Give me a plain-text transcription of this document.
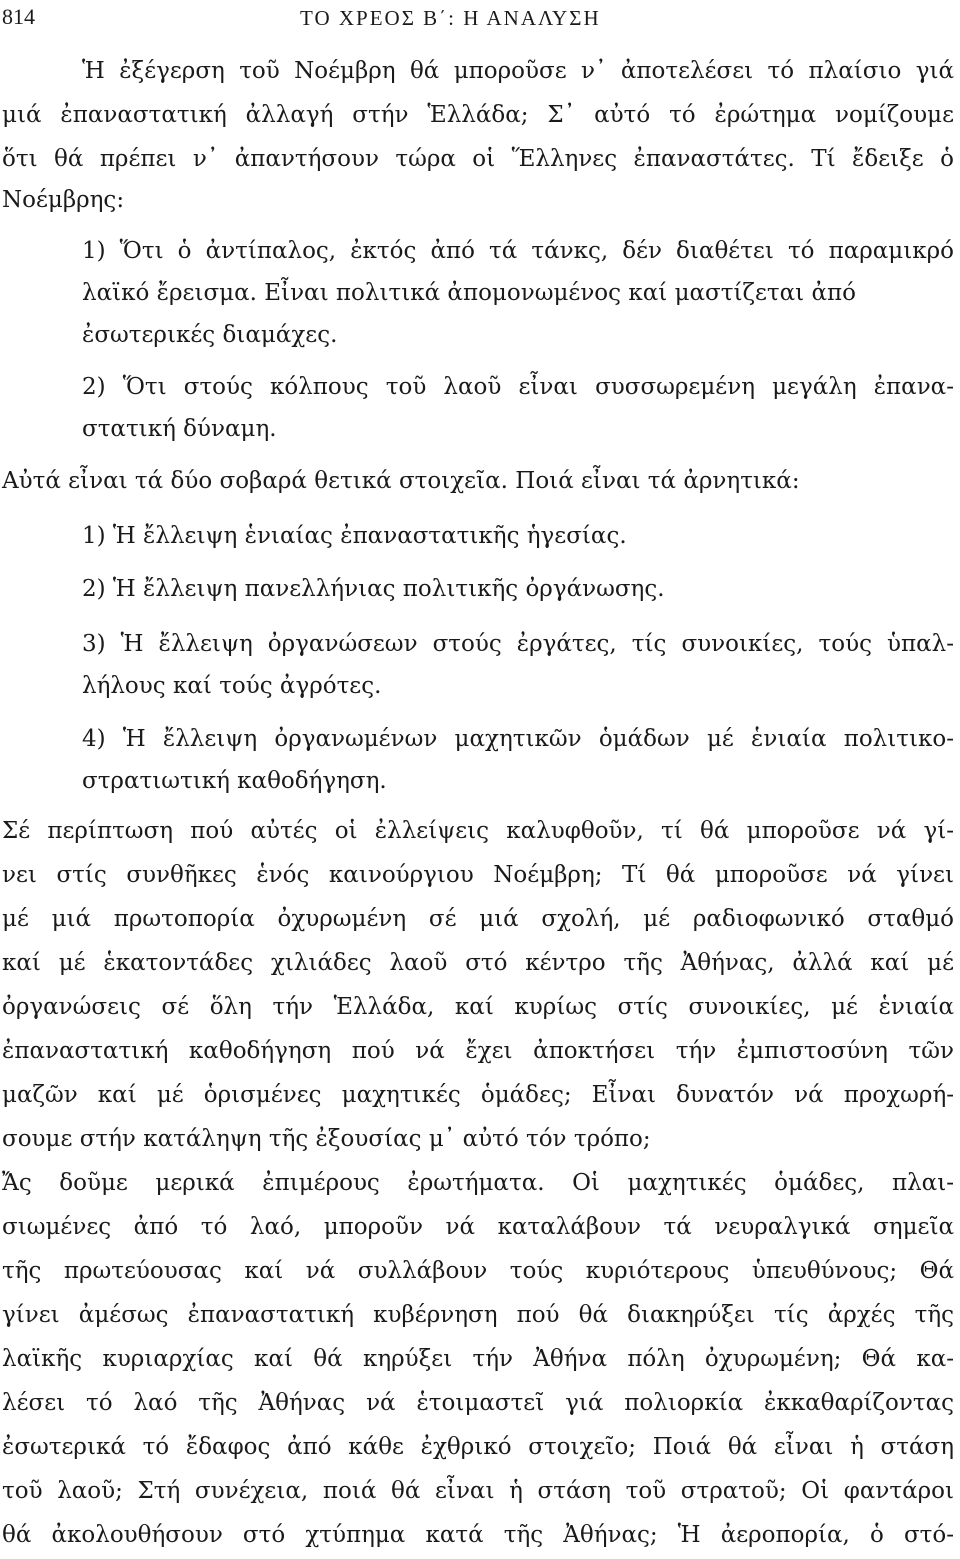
814	ΤΟ ΧΡΕΟΣ Β΄: Η ΑΝΑΛΥΣΗ
Ἡ ἐξέγερση τοῦ Νοέμβρη θά μποροῦσε ν᾽ ἀποτελέσει τό πλαίσιο γιά
μιά ἐπαναστατική ἀλλαγή στήν Ἑλλάδα; Σ᾽ αὐτό τό ἐρώτημα νομίζουμε
ὅτι θά πρέπει ν᾽ ἀπαντήσουν τώρα οἱ Ἕλληνες ἐπαναστάτες. Τί ἔδειξε ὁ
Νοέμβρης:
1) Ὅτι ὁ ἀντίπαλος, ἐκτός ἀπό τά τάνκς, δέν διαθέτει τό παραμικρό
λαϊκό ἔρεισμα. Εἶναι πολιτικά ἀπομονωμένος καί μαστίζεται ἀπό
ἐσωτερικές διαμάχες.
2) Ὅτι στούς κόλπους τοῦ λαοῦ εἶναι συσσωρεμένη μεγάλη ἐπανα-
στατική δύναμη.
Αὐτά εἶναι τά δύο σοβαρά θετικά στοιχεῖα. Ποιά εἶναι τά ἀρνητικά:
1) Ἡ ἔλλειψη ἑνιαίας ἐπαναστατικῆς ἡγεσίας.
2) Ἡ ἔλλειψη πανελλήνιας πολιτικῆς ὀργάνωσης.
3) Ἡ ἔλλειψη ὀργανώσεων στούς ἐργάτες, τίς συνοικίες, τούς ὑπαλ-
λήλους καί τούς ἀγρότες.
4) Ἡ ἔλλειψη ὀργανωμένων μαχητικῶν ὁμάδων μέ ἑνιαία πολιτικο-
στρατιωτική καθοδήγηση.
Σέ περίπτωση πού αὐτές οἱ ἐλλείψεις καλυφθοῦν, τί θά μποροῦσε νά γί-
νει στίς συνθῆκες ἑνός καινούργιου Νοέμβρη; Τί θά μποροῦσε νά γίνει
μέ μιά πρωτοπορία ὀχυρωμένη σέ μιά σχολή, μέ ραδιοφωνικό σταθμό
καί μέ ἑκατοντάδες χιλιάδες λαοῦ στό κέντρο τῆς Ἀθήνας, ἀλλά καί μέ
ὀργανώσεις σέ ὅλη τήν Ἑλλάδα, καί κυρίως στίς συνοικίες, μέ ἑνιαία
ἐπαναστατική καθοδήγηση πού νά ἔχει ἀποκτήσει τήν ἐμπιστοσύνη τῶν
μαζῶν καί μέ ὁρισμένες μαχητικές ὁμάδες; Εἶναι δυνατόν νά προχωρή-
σουμε στήν κατάληψη τῆς ἐξουσίας μ᾽ αὐτό τόν τρόπο;
Ἄς δοῦμε μερικά ἐπιμέρους ἐρωτήματα. Οἱ μαχητικές ὁμάδες, πλαι-
σιωμένες ἀπό τό λαό, μποροῦν νά καταλάβουν τά νευραλγικά σημεῖα
τῆς πρωτεύουσας καί νά συλλάβουν τούς κυριότερους ὑπευθύνους; Θά
γίνει ἀμέσως ἐπαναστατική κυβέρνηση πού θά διακηρύξει τίς ἀρχές τῆς
λαϊκῆς κυριαρχίας καί θά κηρύξει τήν Ἀθήνα πόλη ὀχυρωμένη; Θά κα-
λέσει τό λαό τῆς Ἀθήνας νά ἑτοιμαστεῖ γιά πολιορκία ἐκκαθαρίζοντας
ἐσωτερικά τό ἔδαφος ἀπό κάθε ἐχθρικό στοιχεῖο; Ποιά θά εἶναι ἡ στάση
τοῦ λαοῦ; Στή συνέχεια, ποιά θά εἶναι ἡ στάση τοῦ στρατοῦ; Οἱ φαντάροι
θά ἀκολουθήσουν στό χτύπημα κατά τῆς Ἀθήνας; Ἡ ἀεροπορία, ὁ στό-
